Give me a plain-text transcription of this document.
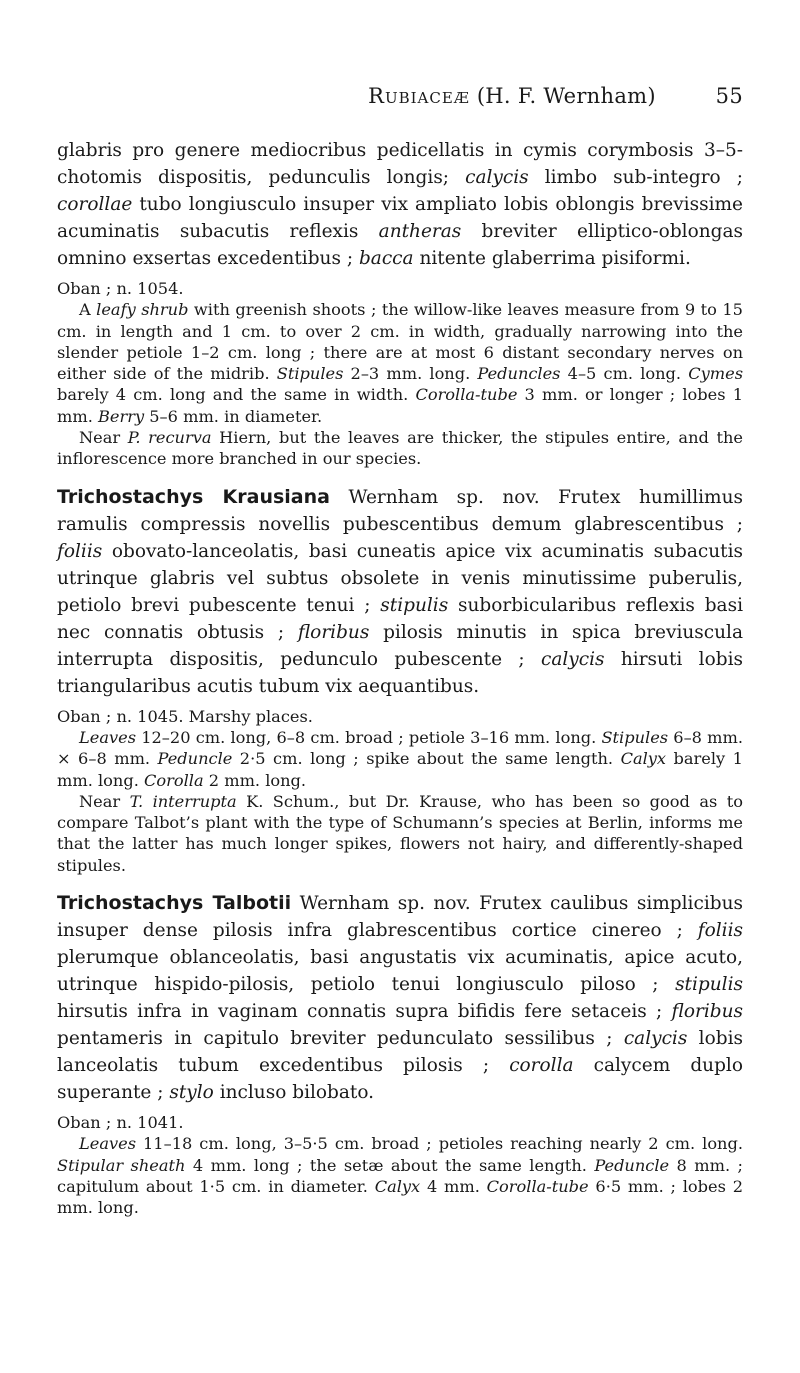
Rubiaceæ (H. F. Wernham)	55

glabris pro genere mediocribus pedicellatis in cymis corymbosis 3–5-chotomis dispositis, pedunculis longis; calycis limbo sub-integro ; corollae tubo longiusculo insuper vix ampliato lobis oblongis brevissime acuminatis subacutis reflexis antheras breviter elliptico-oblongas omnino exsertas excedentibus ; bacca nitente glaberrima pisiformi.

Oban ; n. 1054.

A leafy shrub with greenish shoots ; the willow-like leaves measure from 9 to 15 cm. in length and 1 cm. to over 2 cm. in width, gradually narrowing into the slender petiole 1–2 cm. long ; there are at most 6 distant secondary nerves on either side of the midrib. Stipules 2–3 mm. long. Peduncles 4–5 cm. long. Cymes barely 4 cm. long and the same in width. Corolla-tube 3 mm. or longer ; lobes 1 mm. Berry 5–6 mm. in diameter.

Near P. recurva Hiern, but the leaves are thicker, the stipules entire, and the inflorescence more branched in our species.

Trichostachys Krausiana Wernham sp. nov. Frutex humillimus ramulis compressis novellis pubescentibus demum glabrescentibus ; foliis obovato-lanceolatis, basi cuneatis apice vix acuminatis subacutis utrinque glabris vel subtus obsolete in venis minutissime puberulis, petiolo brevi pubescente tenui ; stipulis suborbicularibus reflexis basi nec connatis obtusis ; floribus pilosis minutis in spica breviuscula interrupta dispositis, pedunculo pubescente ; calycis hirsuti lobis triangularibus acutis tubum vix aequantibus.

Oban ; n. 1045. Marshy places.

Leaves 12–20 cm. long, 6–8 cm. broad ; petiole 3–16 mm. long. Stipules 6–8 mm. × 6–8 mm. Peduncle 2·5 cm. long ; spike about the same length. Calyx barely 1 mm. long. Corolla 2 mm. long.

Near T. interrupta K. Schum., but Dr. Krause, who has been so good as to compare Talbot’s plant with the type of Schumann’s species at Berlin, informs me that the latter has much longer spikes, flowers not hairy, and differently-shaped stipules.

Trichostachys Talbotii Wernham sp. nov. Frutex caulibus simplicibus insuper dense pilosis infra glabrescentibus cortice cinereo ; foliis plerumque oblanceolatis, basi angustatis vix acuminatis, apice acuto, utrinque hispido-pilosis, petiolo tenui longiusculo piloso ; stipulis hirsutis infra in vaginam connatis supra bifidis fere setaceis ; floribus pentameris in capitulo breviter pedunculato sessilibus ; calycis lobis lanceolatis tubum excedentibus pilosis ; corolla calycem duplo superante ; stylo incluso bilobato.

Oban ; n. 1041.

Leaves 11–18 cm. long, 3–5·5 cm. broad ; petioles reaching nearly 2 cm. long. Stipular sheath 4 mm. long ; the setæ about the same length. Peduncle 8 mm. ; capitulum about 1·5 cm. in diameter. Calyx 4 mm. Corolla-tube 6·5 mm. ; lobes 2 mm. long.
